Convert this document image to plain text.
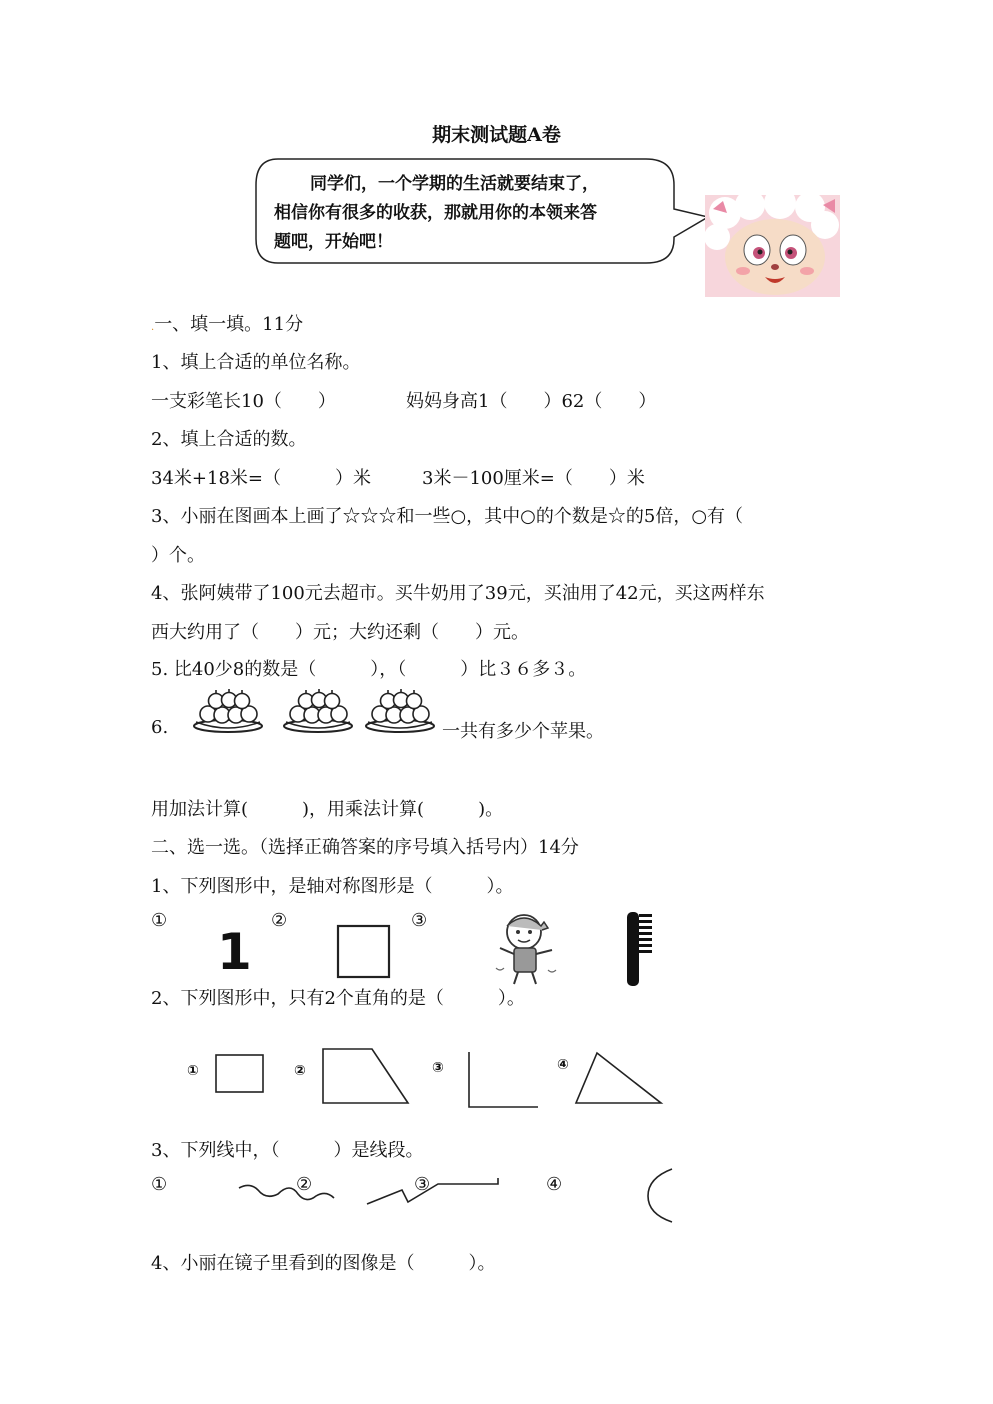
期末测试题A卷
同学们，一个学期的生活就要结束了，
相信你有很多的收获，那就用你的本领来答
题吧，开始吧！
.一、填一填。11分
1、填上合适的单位名称。
一支彩笔长10（　　）	妈妈身高1（　　）62（　　）
2、填上合适的数。
34米+18米=（　　　）米	3米－100厘米=（　　）米
3、小丽在图画本上画了☆☆☆和一些○，其中○的个数是☆的5倍，○有（
）个。
4、张阿姨带了100元去超市。买牛奶用了39元，买油用了42元，买这两样东
西大约用了（　　）元；大约还剩（　　）元。
5. 比40少8的数是（　　　），（　　　）比３６多３。
6.	一共有多少个苹果。
用加法计算(　　　)，用乘法计算(　　　)。
二、选一选。（选择正确答案的序号填入括号内）14分
1、下列图形中，是轴对称图形是（　　　）。
①	②	③
1
2、下列图形中，只有2个直角的是（　　　）。
①	②	③	④
3、下列线中，（　　　）是线段。
①	②	③	④
4、小丽在镜子里看到的图像是（　　　）。
